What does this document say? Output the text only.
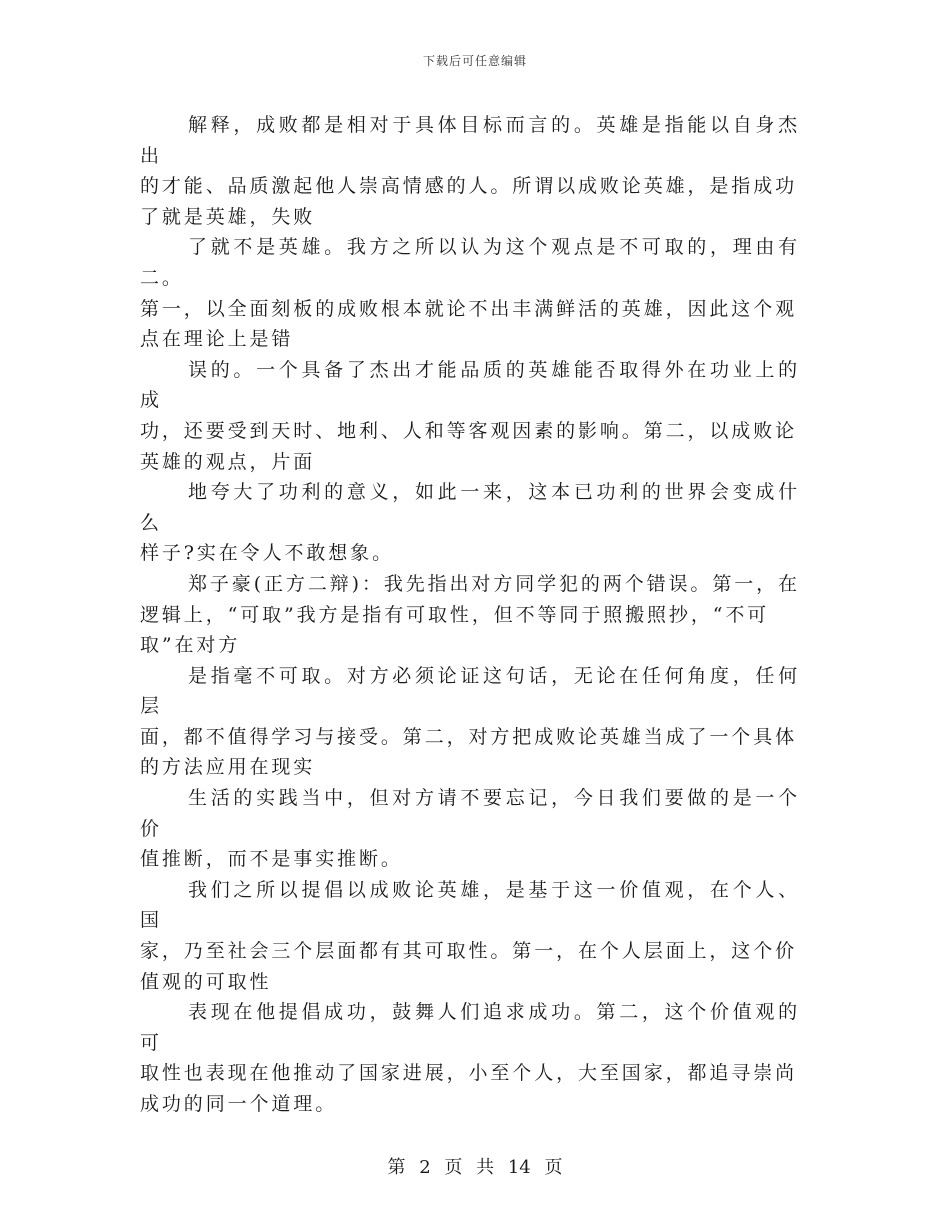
下载后可任意编辑

解释，成败都是相对于具体目标而言的。英雄是指能以自身杰出
的才能、品质激起他人崇高情感的人。所谓以成败论英雄，是指成功
了就是英雄，失败

了就不是英雄。我方之所以认为这个观点是不可取的，理由有二。
第一，以全面刻板的成败根本就论不出丰满鲜活的英雄，因此这个观
点在理论上是错

误的。一个具备了杰出才能品质的英雄能否取得外在功业上的成
功，还要受到天时、地利、人和等客观因素的影响。第二，以成败论
英雄的观点，片面

地夸大了功利的意义，如此一来，这本已功利的世界会变成什么
样子?实在令人不敢想象。

郑子豪(正方二辩)：我先指出对方同学犯的两个错误。第一，在
逻辑上，“可取”我方是指有可取性，但不等同于照搬照抄，“不可
取”在对方

是指毫不可取。对方必须论证这句话，无论在任何角度，任何层
面，都不值得学习与接受。第二，对方把成败论英雄当成了一个具体
的方法应用在现实

生活的实践当中，但对方请不要忘记，今日我们要做的是一个价
值推断，而不是事实推断。

我们之所以提倡以成败论英雄，是基于这一价值观，在个人、国
家，乃至社会三个层面都有其可取性。第一，在个人层面上，这个价
值观的可取性

表现在他提倡成功，鼓舞人们追求成功。第二，这个价值观的可
取性也表现在他推动了国家进展，小至个人，大至国家，都追寻崇尚
成功的同一个道理。

第 2 页 共 14 页
